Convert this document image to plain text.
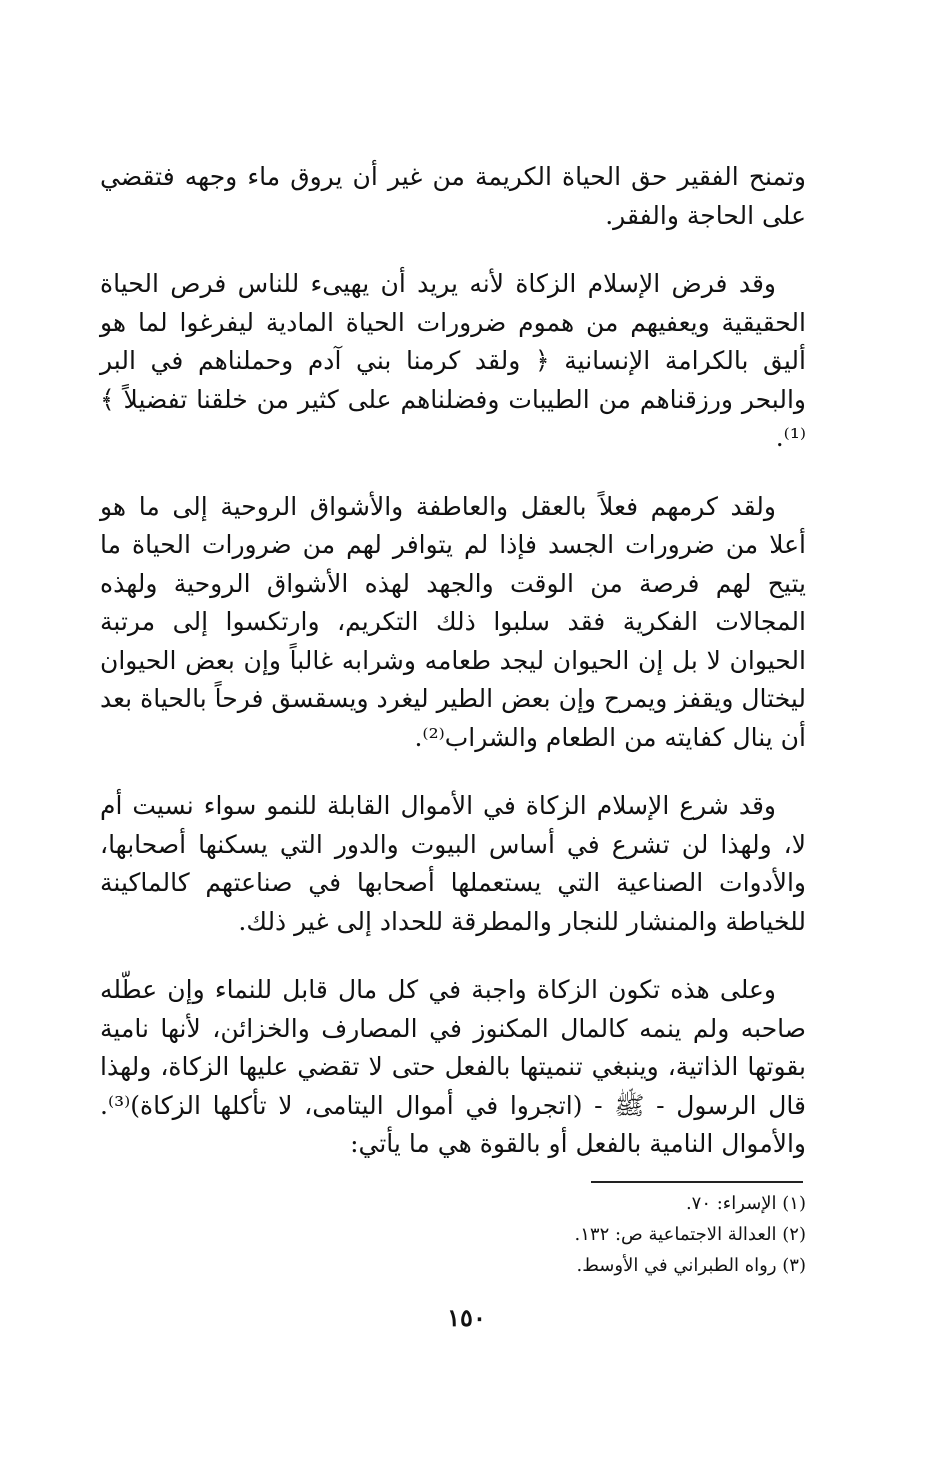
وتمنح الفقير حق الحياة الكريمة من غير أن يروق ماء وجهه فتقضي على الحاجة والفقر.

وقد فرض الإسلام الزكاة لأنه يريد أن يهيىء للناس فرص الحياة الحقيقية ويعفيهم من هموم ضرورات الحياة المادية ليفرغوا لما هو أليق بالكرامة الإنسانية ﴿ ولقد كرمنا بني آدم وحملناهم في البر والبحر ورزقناهم من الطيبات وفضلناهم على كثير من خلقنا تفضيلاً ﴾⁽¹⁾.

ولقد كرمهم فعلاً بالعقل والعاطفة والأشواق الروحية إلى ما هو أعلا من ضرورات الجسد فإذا لم يتوافر لهم من ضرورات الحياة ما يتيح لهم فرصة من الوقت والجهد لهذه الأشواق الروحية ولهذه المجالات الفكرية فقد سلبوا ذلك التكريم، وارتكسوا إلى مرتبة الحيوان لا بل إن الحيوان ليجد طعامه وشرابه غالباً وإن بعض الحيوان ليختال ويقفز ويمرح وإن بعض الطير ليغرد ويسقسق فرحاً بالحياة بعد أن ينال كفايته من الطعام والشراب⁽²⁾.

وقد شرع الإسلام الزكاة في الأموال القابلة للنمو سواء نسيت أم لا، ولهذا لن تشرع في أساس البيوت والدور التي يسكنها أصحابها، والأدوات الصناعية التي يستعملها أصحابها في صناعتهم كالماكينة للخياطة والمنشار للنجار والمطرقة للحداد إلى غير ذلك.

وعلى هذه تكون الزكاة واجبة في كل مال قابل للنماء وإن عطّله صاحبه ولم ينمه كالمال المكنوز في المصارف والخزائن، لأنها نامية بقوتها الذاتية، وينبغي تنميتها بالفعل حتى لا تقضي عليها الزكاة، ولهذا قال الرسول - ﷺ - (اتجروا في أموال اليتامى، لا تأكلها الزكاة)⁽³⁾. والأموال النامية بالفعل أو بالقوة هي ما يأتي:

(١) الإسراء: ٧٠.

(٢) العدالة الاجتماعية ص: ١٣٢.

(٣) رواه الطبراني في الأوسط.

١٥٠
